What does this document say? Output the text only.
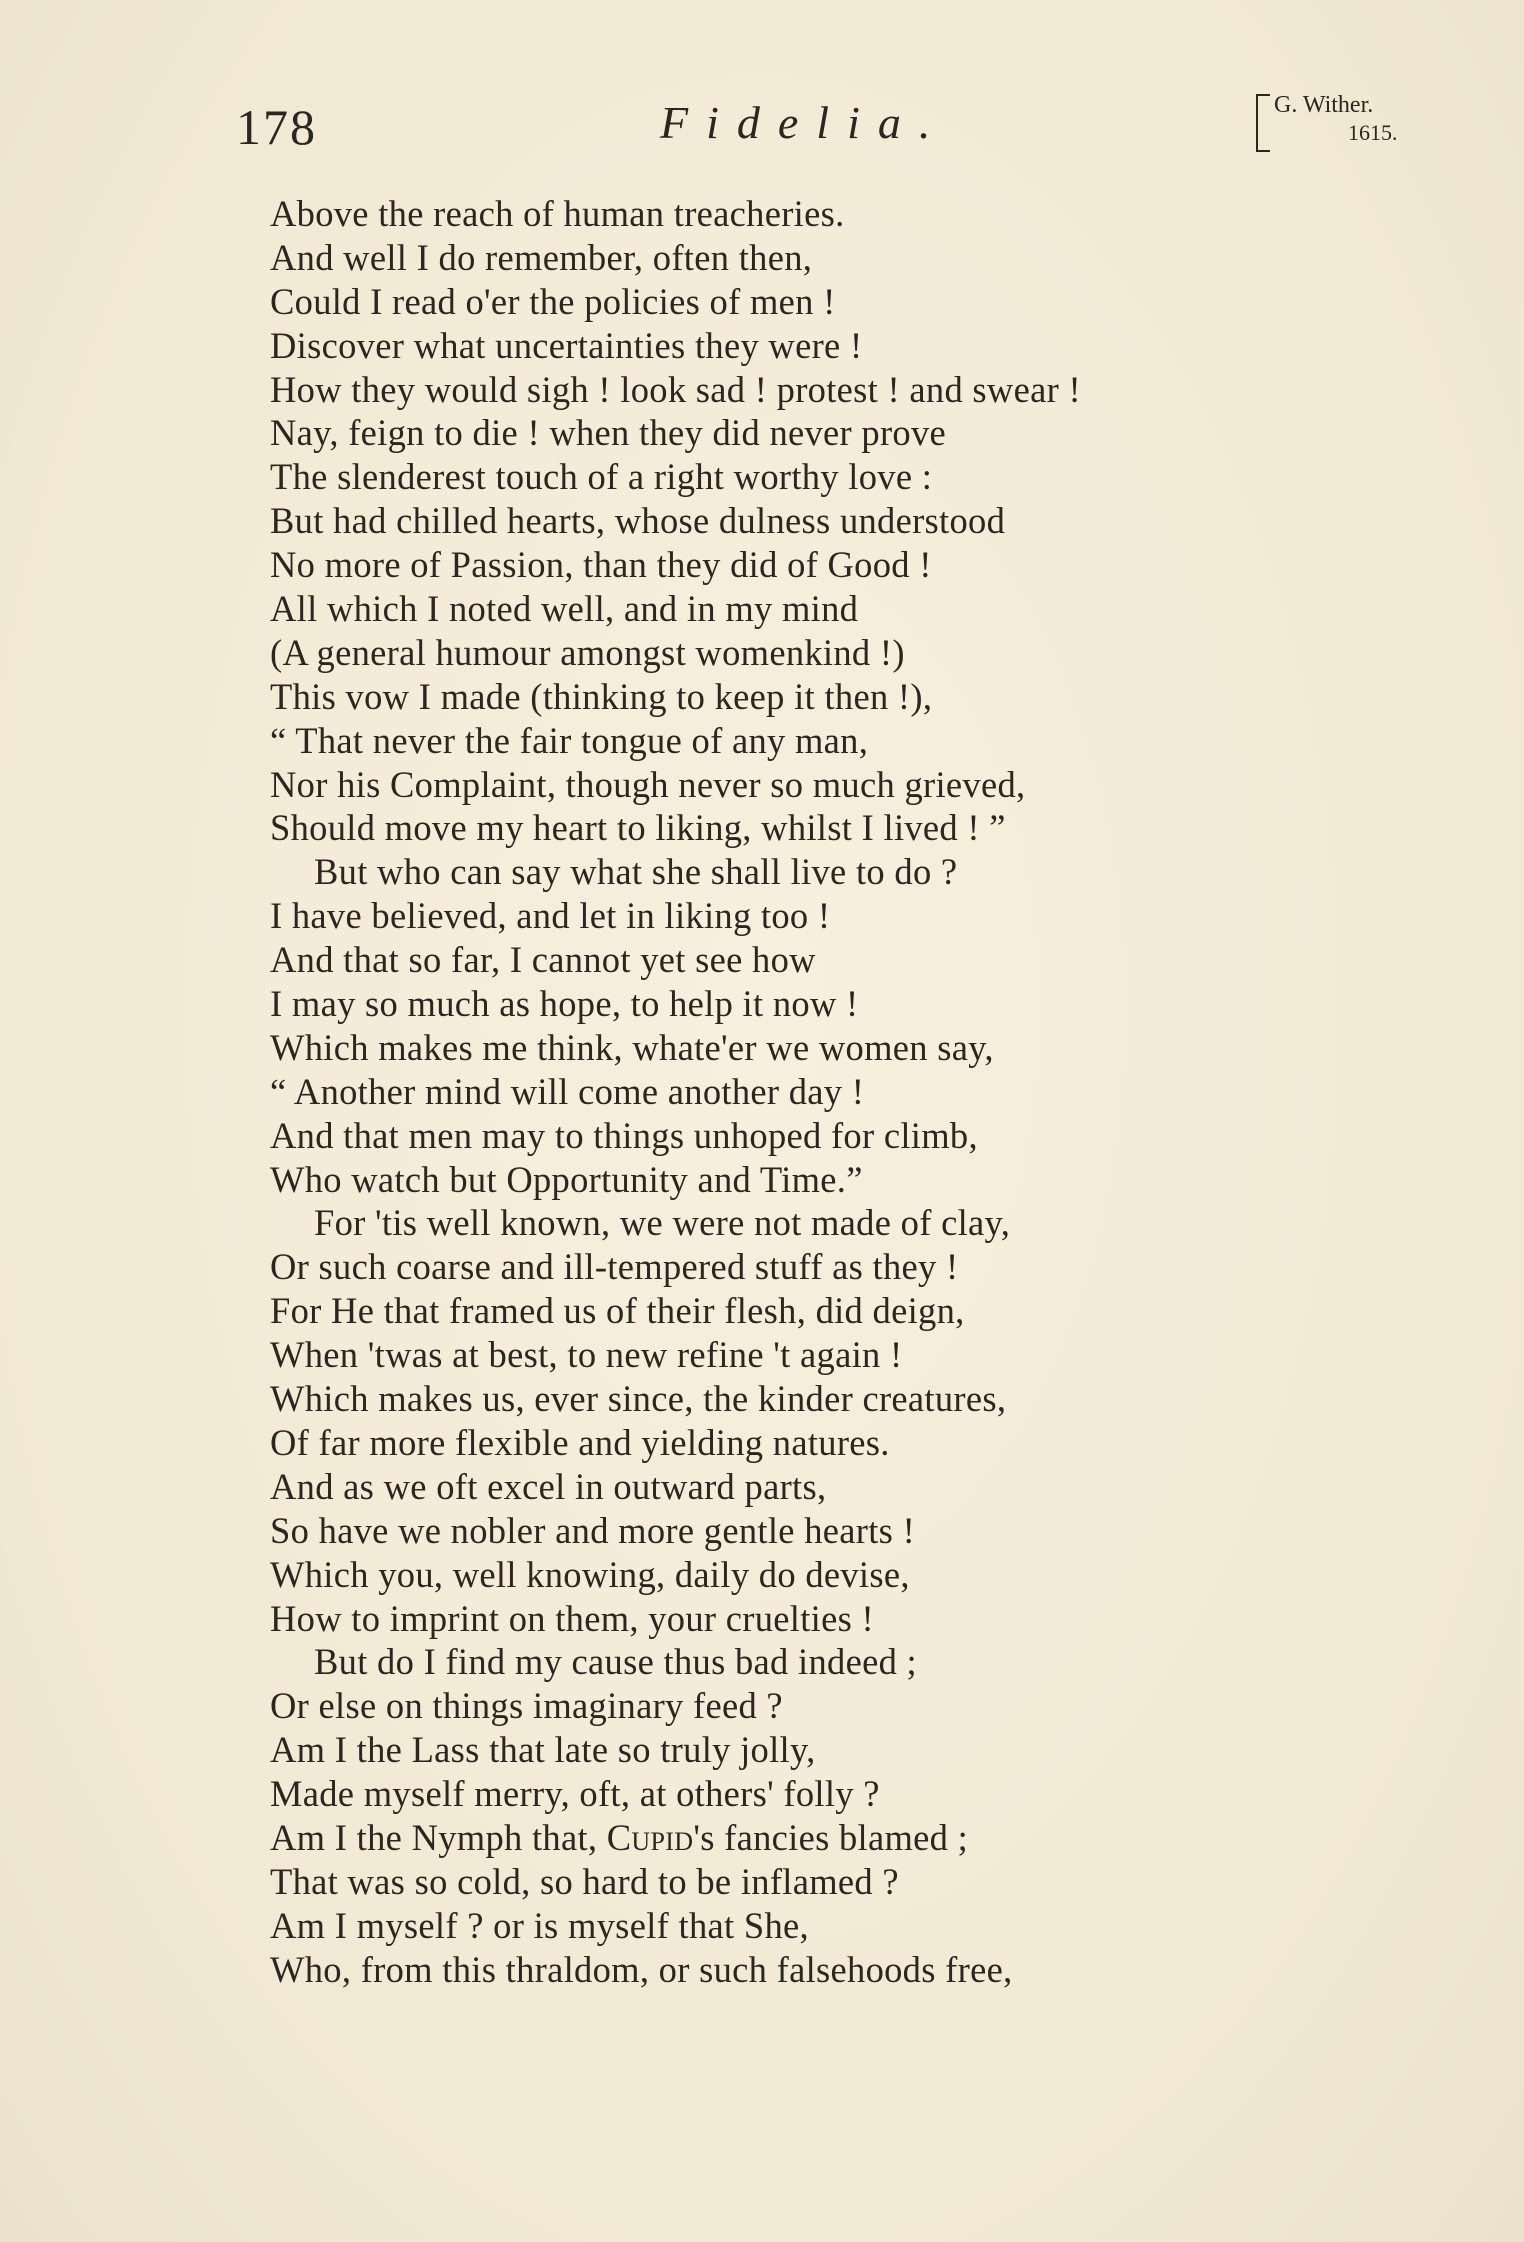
178	Fidelia.	G. Wither.
1615.
Above the reach of human treacheries.
And well I do remember, often then,
Could I read o'er the policies of men !
Discover what uncertainties they were !
How they would sigh ! look sad ! protest ! and swear !
Nay, feign to die ! when they did never prove
The slenderest touch of a right worthy love :
But had chilled hearts, whose dulness understood
No more of Passion, than they did of Good !
All which I noted well, and in my mind
(A general humour amongst womenkind !)
This vow I made (thinking to keep it then !),
“ That never the fair tongue of any man,
Nor his Complaint, though never so much grieved,
Should move my heart to liking, whilst I lived ! ”
But who can say what she shall live to do ?
I have believed, and let in liking too !
And that so far, I cannot yet see how
I may so much as hope, to help it now !
Which makes me think, whate'er we women say,
“ Another mind will come another day !
And that men may to things unhoped for climb,
Who watch but Opportunity and Time.”
For 'tis well known, we were not made of clay,
Or such coarse and ill-tempered stuff as they !
For He that framed us of their flesh, did deign,
When 'twas at best, to new refine 't again !
Which makes us, ever since, the kinder creatures,
Of far more flexible and yielding natures.
And as we oft excel in outward parts,
So have we nobler and more gentle hearts !
Which you, well knowing, daily do devise,
How to imprint on them, your cruelties !
But do I find my cause thus bad indeed ;
Or else on things imaginary feed ?
Am I the Lass that late so truly jolly,
Made myself merry, oft, at others' folly ?
Am I the Nymph that, Cupid's fancies blamed ;
That was so cold, so hard to be inflamed ?
Am I myself ? or is myself that She,
Who, from this thraldom, or such falsehoods free,
